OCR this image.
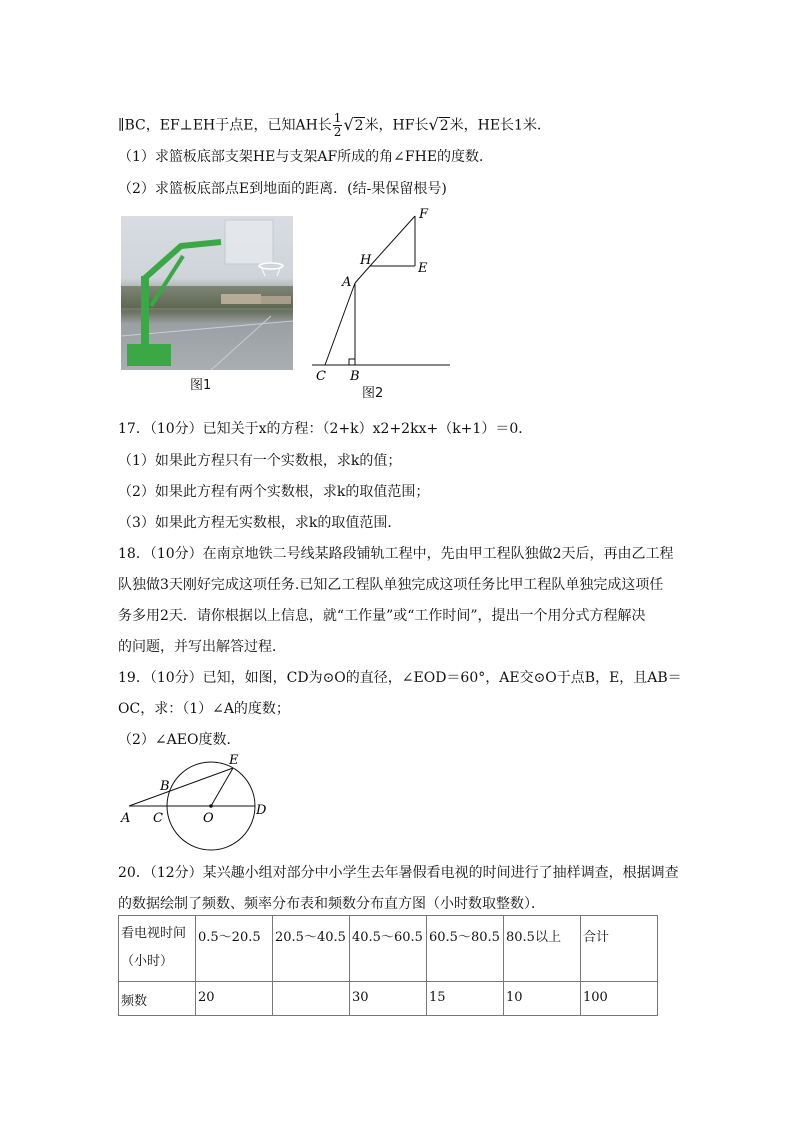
∥BC，EF⊥EH于点E，已知AH长 $\frac{1}{2} √2$米，HF长√2米，HE长1米．
（1）求篮板底部支架HE与支架AF所成的角∠FHE的度数．
（2）求篮板底部点E到地面的距离．(结-果保留根号)
图1
F
H
E
A
C B
图2
17．（10分）已知关于x的方程：（2+k）x2+2kx+（k+1）＝0．
（1）如果此方程只有一个实数根，求k的值；
（2）如果此方程有两个实数根，求k的取值范围；
（3）如果此方程无实数根，求k的取值范围．
18．（10分）在南京地铁二号线某路段铺轨工程中，先由甲工程队独做2天后，再由乙工程
队独做3天刚好完成这项任务.已知乙工程队单独完成这项任务比甲工程队单独完成这项任
务多用2天．请你根据以上信息，就“工作量”或“工作时间”，提出一个用分式方程解决
的问题，并写出解答过程．
19．（10分）已知，如图，CD为⊙O的直径，∠EOD＝60°，AE交⊙O于点B，E，且AB＝
OC，求：（1）∠A的度数；
（2）∠AEO度数．
E
B
A C	O
D
20．（12分）某兴趣小组对部分中小学生去年暑假看电视的时间进行了抽样调查，根据调查
的数据绘制了频数、频率分布表和频数分布直方图（小时数取整数）．
看电视时间
（小时）	0.5～20.5	20.5～40.5	40.5～60.5	60.5～80.5	80.5以上	合计
频数	20		30	15	10	100
